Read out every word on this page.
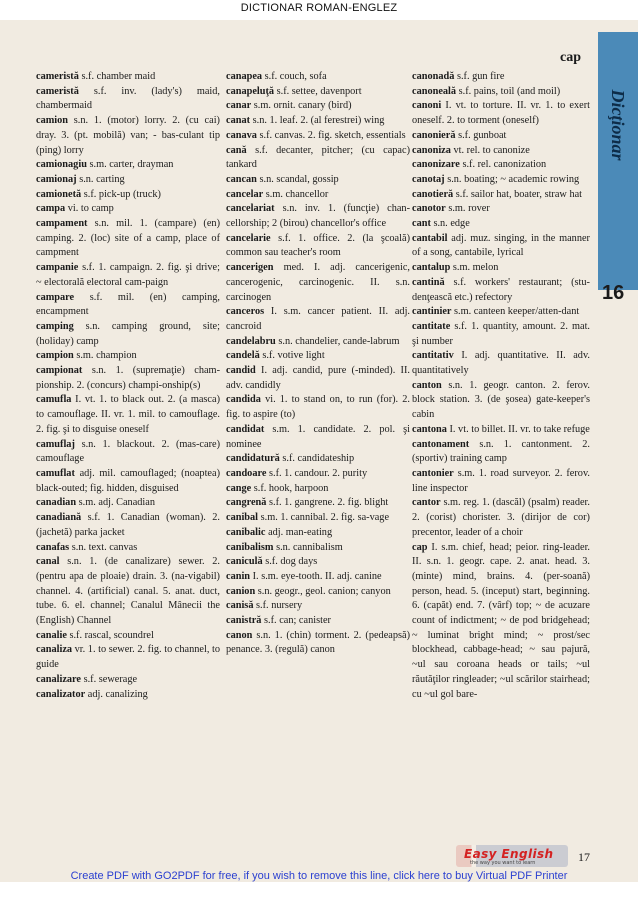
DICTIONAR ROMAN-ENGLEZ
cap
Dicţionar
16

cameristă s.f. chamber maid

cameristă s.f. inv. (lady's) maid, chambermaid

camion s.n. 1. (motor) lorry. 2. (cu cai) dray. 3. (pt. mobilă) van; - bas-culant tip (ping) lorry

camionagiu s.m. carter, drayman

camionaj s.n. carting

camionetă s.f. pick-up (truck)

campa vi. to camp

campament s.n. mil. 1. (campare) (en) camping. 2. (loc) site of a camp, place of campment

campanie s.f. 1. campaign. 2. fig. şi drive; ~ electorală electoral cam-paign

campare s.f. mil. (en) camping, encampment

camping s.n. camping ground, site; (holiday) camp

campion s.m. champion

campionat s.n. 1. (supremaţie) cham-pionship. 2. (concurs) champi-onship(s)

camufla I. vt. 1. to black out. 2. (a masca) to camouflage. II. vr. 1. mil. to camouflage. 2. fig. şi to disguise oneself

camuflaj s.n. 1. blackout. 2. (mas-care) camouflage

camuflat adj. mil. camouflaged; (noaptea) black-outed; fig. hidden, disguised

canadian s.m. adj. Canadian

canadiană s.f. 1. Canadian (woman). 2. (jachetă) parka jacket

canafas s.n. text. canvas

canal s.n. 1. (de canalizare) sewer. 2. (pentru apa de ploaie) drain. 3. (na-vigabil) channel. 4. (artificial) canal. 5. anat. duct, tube. 6. el. channel; Canalul Mânecii the (English) Channel

canalie s.f. rascal, scoundrel

canaliza vr. 1. to sewer. 2. fig. to channel, to guide

canalizare s.f. sewerage

canalizator adj. canalizing

canapea s.f. couch, sofa

canapeluţă s.f. settee, davenport

canar s.m. ornit. canary (bird)

canat s.n. 1. leaf. 2. (al ferestrei) wing

canava s.f. canvas. 2. fig. sketch, essentials

cană s.f. decanter, pitcher; (cu capac) tankard

cancan s.n. scandal, gossip

cancelar s.m. chancellor

cancelariat s.n. inv. 1. (funcţie) chan-cellorship; 2 (birou) chancellor's office

cancelarie s.f. 1. office. 2. (la şcoală) common sau teacher's room

cancerigen med. I. adj. cancerigenic, cancerogenic, carcinogenic. II. s.n. carcinogen

canceros I. s.m. cancer patient. II. adj. cancroid

candelabru s.n. chandelier, cande-labrum

candelă s.f. votive light

candid I. adj. candid, pure (-minded). II. adv. candidly

candida vi. 1. to stand on, to run (for). 2. fig. to aspire (to)

candidat s.m. 1. candidate. 2. pol. şi nominee

candidatură s.f. candidateship

candoare s.f. 1. candour. 2. purity

cange s.f. hook, harpoon

cangrenă s.f. 1. gangrene. 2. fig. blight

canibal s.m. 1. cannibal. 2. fig. sa-vage

canibalic adj. man-eating

canibalism s.n. cannibalism

caniculă s.f. dog days

canin I. s.m. eye-tooth. II. adj. canine

canion s.n. geogr., geol. canion; canyon

canisă s.f. nursery

canistră s.f. can; canister

canon s.n. 1. (chin) torment. 2. (pedeapsă) penance. 3. (regulă) canon

canonadă s.f. gun fire

canoneală s.f. pains, toil (and moil)

canoni I. vt. to torture. II. vr. 1. to exert oneself. 2. to torment (oneself)

canonieră s.f. gunboat

canoniza vt. rel. to canonize

canonizare s.f. rel. canonization

canotaj s.n. boating; ~ academic rowing

canotieră s.f. sailor hat, boater, straw hat

canotor s.m. rover

cant s.n. edge

cantabil adj. muz. singing, in the manner of a song, cantabile, lyrical

cantalup s.m. melon

cantină s.f. workers' restaurant; (stu-denţească etc.) refectory

cantinier s.m. canteen keeper/atten-dant

cantitate s.f. 1. quantity, amount. 2. mat. şi number

cantitativ I. adj. quantitative. II. adv. quantitatively

canton s.n. 1. geogr. canton. 2. ferov. block station. 3. (de şosea) gate-keeper's cabin

cantona I. vt. to billet. II. vr. to take refuge

cantonament s.n. 1. cantonment. 2. (sportiv) training camp

cantonier s.m. 1. road surveyor. 2. ferov. line inspector

cantor s.m. reg. 1. (dascăl) (psalm) reader. 2. (corist) chorister. 3. (dirijor de cor) precentor, leader of a choir

cap I. s.m. chief, head; peior. ring-leader. II. s.n. 1. geogr. cape. 2. anat. head. 3. (minte) mind, brains. 4. (per-soană) person, head. 5. (inceput) start, beginning. 6. (capăt) end. 7. (vârf) top; ~ de acuzare count of indictment; ~ de pod bridgehead; ~ luminat bright mind; ~ prost/sec blockhead, cabbage-head; ~ sau pajură, ~ul sau coroana heads or tails; ~ul răutăţilor ringleader; ~ul scărilor stairhead; cu ~ul gol bare-

Easy English
the way you want to learn	17
Create PDF with GO2PDF for free, if you wish to remove this line, click here to buy Virtual PDF Printer
